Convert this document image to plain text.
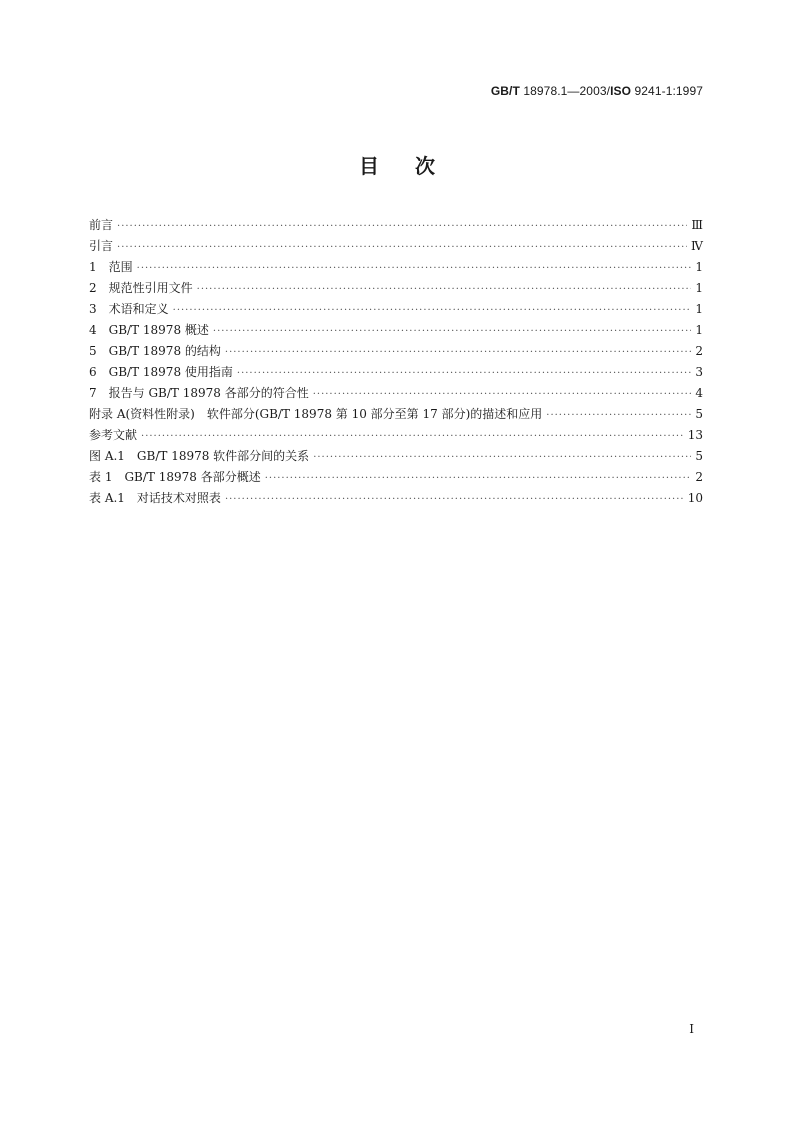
GB/T 18978.1—2003/ISO 9241-1:1997
目次
前言 ·····	Ⅲ
引言 ·····	Ⅳ
1　范围 ·····	1
2　规范性引用文件 ·····	1
3　术语和定义 ·····	1
4　GB/T 18978 概述 ·····	1
5　GB/T 18978 的结构 ·····	2
6　GB/T 18978 使用指南 ·····	3
7　报告与 GB/T 18978 各部分的符合性 ·····	4
附录 A(资料性附录)　软件部分(GB/T 18978 第 10 部分至第 17 部分)的描述和应用 ·····	5
参考文献 ·····	13
图 A.1　GB/T 18978 软件部分间的关系 ·····	5
表 1　GB/T 18978 各部分概述 ·····	2
表 A.1　对话技术对照表 ·····	10
I
